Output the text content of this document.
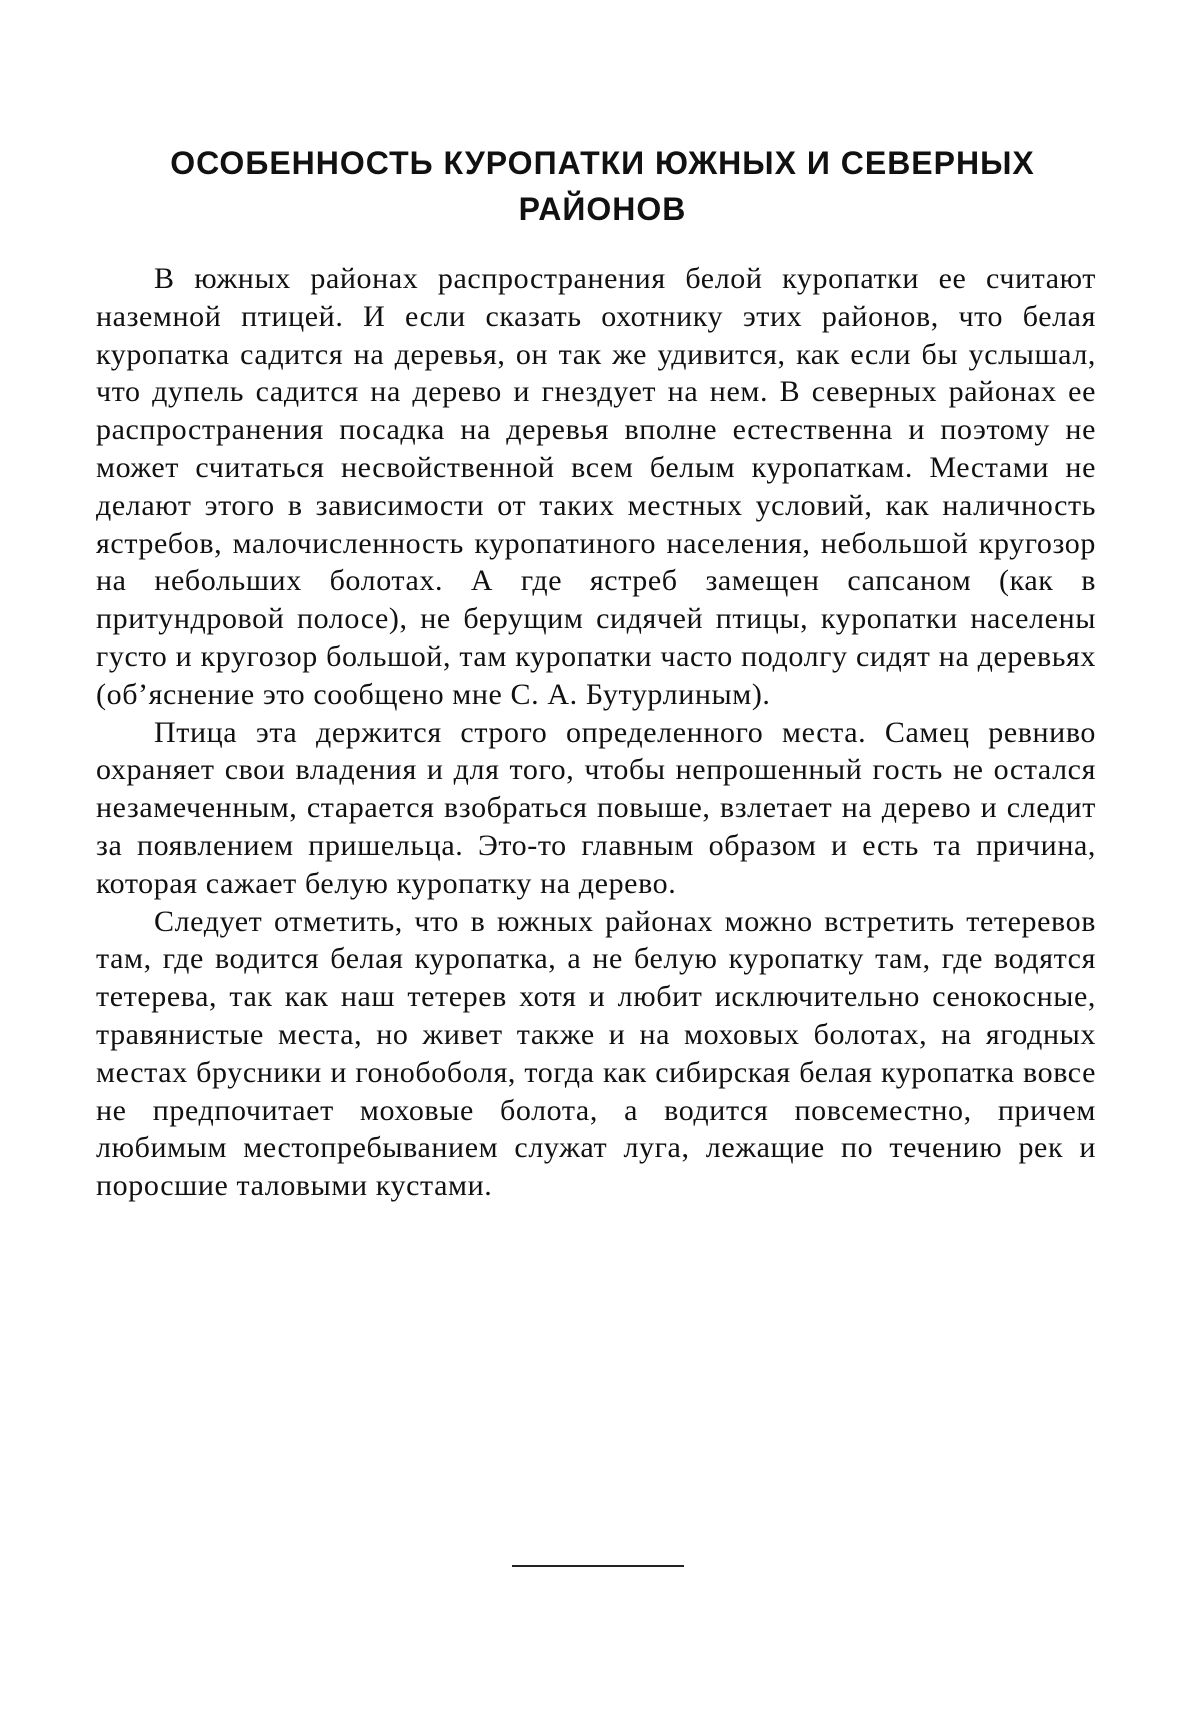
ОСОБЕННОСТЬ КУРОПАТКИ ЮЖНЫХ И СЕВЕРНЫХ
РАЙОНОВ

В южных районах распространения белой куропатки ее считают наземной птицей. И если сказать охотнику этих районов, что белая куропатка садится на деревья, он так же удивится, как если бы услышал, что дупель садится на дерево и гнездует на нем. В северных районах ее распространения посадка на деревья вполне естественна и поэтому не может считаться несвойственной всем белым куропаткам. Местами не делают этого в зависимости от таких местных условий, как наличность ястребов, малочисленность куропатиного населения, небольшой кругозор на небольших болотах. А где ястреб замещен сапсаном (как в притундровой полосе), не берущим сидячей птицы, куропатки населены густо и кругозор большой, там куропатки часто подолгу сидят на деревьях (об’яснение это сообщено мне С. А. Бутурлиным).

Птица эта держится строго определенного места. Самец ревниво охраняет свои владения и для того, чтобы непрошенный гость не остался незамеченным, старается взобраться повыше, взлетает на дерево и следит за появлением пришельца. Это-то главным образом и есть та причина, которая сажает белую куропатку на дерево.

Следует отметить, что в южных районах можно встретить тетеревов там, где водится белая куропатка, а не белую куропатку там, где водятся тетерева, так как наш тетерев хотя и любит исключительно сенокосные, травянистые места, но живет также и на моховых болотах, на ягодных местах брусники и гонобоболя, тогда как сибирская белая куропатка вовсе не предпочитает моховые болота, а водится повсеместно, причем любимым местопребыванием служат луга, лежащие по течению рек и поросшие таловыми кустами.
